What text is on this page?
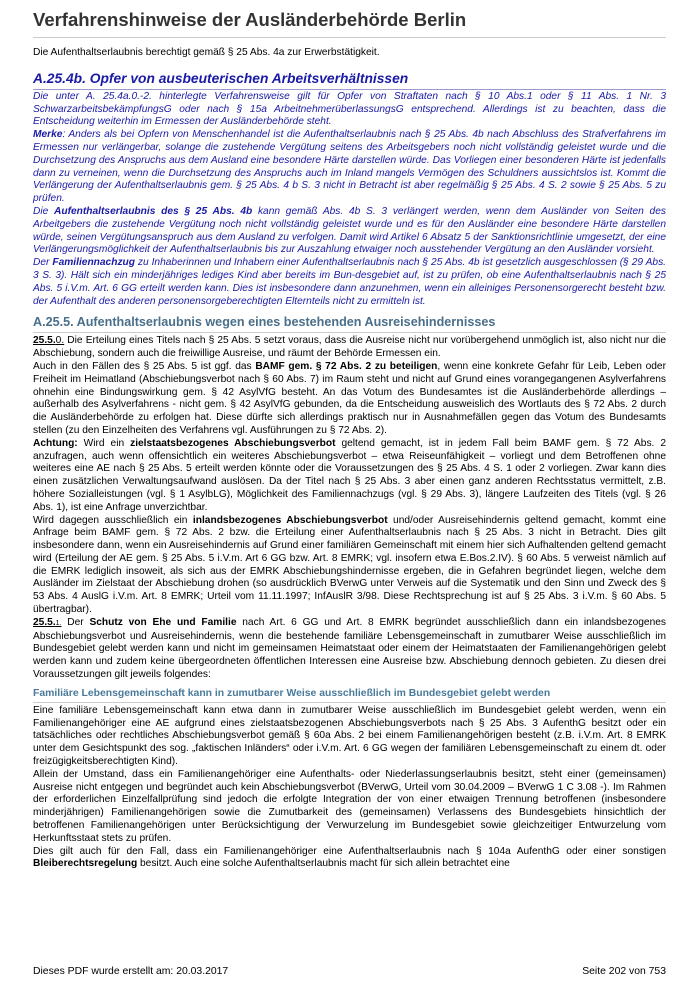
Verfahrenshinweise der Ausländerbehörde Berlin

Die Aufenthaltserlaubnis berechtigt gemäß § 25 Abs. 4a zur Erwerbstätigkeit.

A.25.4b. Opfer von ausbeuterischen Arbeitsverhältnissen

Die unter A. 25.4a.0.-2. hinterlegte Verfahrensweise gilt für Opfer von Straftaten nach § 10 Abs.1 oder § 11 Abs. 1 Nr. 3 SchwarzarbeitsbekämpfungsG oder nach § 15a ArbeitnehmerüberlassungsG entsprechend. Allerdings ist zu beachten, dass die Entscheidung weiterhin im Ermessen der Ausländerbehörde steht.

Merke: Anders als bei Opfern von Menschenhandel ist die Aufenthaltserlaubnis nach § 25 Abs. 4b nach Abschluss des Strafverfahrens im Ermessen nur verlängerbar, solange die zustehende Vergütung seitens des Arbeitsgebers noch nicht vollständig geleistet wurde und die Durchsetzung des Anspruchs aus dem Ausland eine besondere Härte darstellen würde. Das Vorliegen einer besonderen Härte ist jedenfalls dann zu verneinen, wenn die Durchsetzung des Anspruchs auch im Inland mangels Vermögen des Schuldners aussichtslos ist. Kommt die Verlängerung der Aufenthaltserlaubnis gem. § 25 Abs. 4 b S. 3 nicht in Betracht ist aber regelmäßig § 25 Abs. 4 S. 2 sowie § 25 Abs. 5 zu prüfen.

Die Aufenthaltserlaubnis des § 25 Abs. 4b kann gemäß Abs. 4b S. 3 verlängert werden, wenn dem Ausländer von Seiten des Arbeitgebers die zustehende Vergütung noch nicht vollständig geleistet wurde und es für den Ausländer eine besondere Härte darstellen würde, seinen Vergütungsanspruch aus dem Ausland zu verfolgen. Damit wird Artikel 6 Absatz 5 der Sanktionsrichtlinie umgesetzt, der eine Verlängerungsmöglichkeit der Aufenthaltserlaubnis bis zur Auszahlung etwaiger noch ausstehender Vergütung an den Ausländer vorsieht.

Der Familiennachzug zu Inhaberinnen und Inhabern einer Aufenthaltserlaubnis nach § 25 Abs. 4b ist gesetzlich ausgeschlossen (§ 29 Abs. 3 S. 3). Hält sich ein minderjähriges lediges Kind aber bereits im Bun-desgebiet auf, ist zu prüfen, ob eine Aufenthaltserlaubnis nach § 25 Abs. 5 i.V.m. Art. 6 GG erteilt werden kann. Dies ist insbesondere dann anzunehmen, wenn ein alleiniges Personensorgerecht besteht bzw. der Aufenthalt des anderen personensorgeberechtigten Elternteils nicht zu ermitteln ist.

A.25.5. Aufenthaltserlaubnis wegen eines bestehenden Ausreisehindernisses

25.5.0. Die Erteilung eines Titels nach § 25 Abs. 5 setzt voraus, dass die Ausreise nicht nur vorübergehend unmöglich ist, also nicht nur die Abschiebung, sondern auch die freiwillige Ausreise, und räumt der Behörde Ermessen ein.

Auch in den Fällen des § 25 Abs. 5 ist ggf. das BAMF gem. § 72 Abs. 2 zu beteiligen, wenn eine konkrete Gefahr für Leib, Leben oder Freiheit im Heimatland (Abschiebungsverbot nach § 60 Abs. 7) im Raum steht und nicht auf Grund eines vorangegangenen Asylverfahrens ohnehin eine Bindungswirkung gem. § 42 AsylVfG besteht. An das Votum des Bundesamtes ist die Ausländerbehörde allerdings – außerhalb des Asylverfahrens - nicht gem. § 42 AsylVfG gebunden, da die Entscheidung ausweislich des Wortlauts des § 72 Abs. 2 durch die Ausländerbehörde zu erfolgen hat. Diese dürfte sich allerdings praktisch nur in Ausnahmefällen gegen das Votum des Bundesamts stellen (zu den Einzelheiten des Verfahrens vgl. Ausführungen zu § 72 Abs. 2).

Achtung: Wird ein zielstaatsbezogenes Abschiebungsverbot geltend gemacht, ist in jedem Fall beim BAMF gem. § 72 Abs. 2 anzufragen, auch wenn offensichtlich ein weiteres Abschiebungsverbot – etwa Reiseunfähigkeit – vorliegt und dem Betroffenen ohne weiteres eine AE nach § 25 Abs. 5 erteilt werden könnte oder die Voraussetzungen des § 25 Abs. 4 S. 1 oder 2 vorliegen. Zwar kann dies einen zusätzlichen Verwaltungsaufwand auslösen. Da der Titel nach § 25 Abs. 3 aber einen ganz anderen Rechtsstatus vermittelt, z.B. höhere Sozialleistungen (vgl. § 1 AsylbLG), Möglichkeit des Familiennachzugs (vgl. § 29 Abs. 3), längere Laufzeiten des Titels (vgl. § 26 Abs. 1), ist eine Anfrage unverzichtbar.

Wird dagegen ausschließlich ein inlandsbezogenes Abschiebungsverbot und/oder Ausreisehindernis geltend gemacht, kommt eine Anfrage beim BAMF gem. § 72 Abs. 2 bzw. die Erteilung einer Aufenthaltserlaubnis nach § 25 Abs. 3 nicht in Betracht. Dies gilt insbesondere dann, wenn ein Ausreisehindernis auf Grund einer familiären Gemeinschaft mit einem hier sich Aufhaltenden geltend gemacht wird (Erteilung der AE gem. § 25 Abs. 5 i.V.m. Art 6 GG bzw. Art. 8 EMRK; vgl. insofern etwa E.Bos.2.IV). § 60 Abs. 5 verweist nämlich auf die EMRK lediglich insoweit, als sich aus der EMRK Abschiebungshindernisse ergeben, die in Gefahren begründet liegen, welche dem Ausländer im Zielstaat der Abschiebung drohen (so ausdrücklich BVerwG unter Verweis auf die Systematik und den Sinn und Zweck des § 53 Abs. 4 AuslG i.V.m. Art. 8 EMRK; Urteil vom 11.11.1997; InfAuslR 3/98. Diese Rechtsprechung ist auf § 25 Abs. 3 i.V.m. § 60 Abs. 5 übertragbar).

25.5.1. Der Schutz von Ehe und Familie nach Art. 6 GG und Art. 8 EMRK begründet ausschließlich dann ein inlandsbezogenes Abschiebungsverbot und Ausreisehindernis, wenn die bestehende familiäre Lebensgemeinschaft in zumutbarer Weise ausschließlich im Bundesgebiet gelebt werden kann und nicht im gemeinsamen Heimatstaat oder einem der Heimatstaaten der Familienangehörigen gelebt werden kann und zudem keine übergeordneten öffentlichen Interessen eine Ausreise bzw. Abschiebung dennoch gebieten. Zu diesen drei Voraussetzungen gilt jeweils folgendes:

Familiäre Lebensgemeinschaft kann in zumutbarer Weise ausschließlich im Bundesgebiet gelebt werden

Eine familiäre Lebensgemeinschaft kann etwa dann in zumutbarer Weise ausschließlich im Bundesgebiet gelebt werden, wenn ein Familienangehöriger eine AE aufgrund eines zielstaatsbezogenen Abschiebungsverbots nach § 25 Abs. 3 AufenthG besitzt oder ein tatsächliches oder rechtliches Abschiebungsverbot gemäß § 60a Abs. 2 bei einem Familienangehörigen besteht (z.B. i.V.m. Art. 8 EMRK unter dem Gesichtspunkt des sog. „faktischen Inländers“ oder i.V.m. Art. 6 GG wegen der familiären Lebensgemeinschaft zu einem dt. oder freizügigkeitsberechtigten Kind).

Allein der Umstand, dass ein Familienangehöriger eine Aufenthalts- oder Niederlassungserlaubnis besitzt, steht einer (gemeinsamen) Ausreise nicht entgegen und begründet auch kein Abschiebungsverbot (BVerwG, Urteil vom 30.04.2009 – BVerwG 1 C 3.08 -). Im Rahmen der erforderlichen Einzelfallprüfung sind jedoch die erfolgte Integration der von einer etwaigen Trennung betroffenen (insbesondere minderjährigen) Familienangehörigen sowie die Zumutbarkeit des (gemeinsamen) Verlassens des Bundesgebiets hinsichtlich der betroffenen Familienangehörigen unter Berücksichtigung der Verwurzelung im Bundesgebiet sowie gleichzeitiger Entwurzelung vom Herkunftsstaat stets zu prüfen.

Dies gilt auch für den Fall, dass ein Familienangehöriger eine Aufenthaltserlaubnis nach § 104a AufenthG oder einer sonstigen Bleiberechtsregelung besitzt. Auch eine solche Aufenthaltserlaubnis macht für sich allein betrachtet eine

Dieses PDF wurde erstellt am: 20.03.2017	Seite 202 von 753
